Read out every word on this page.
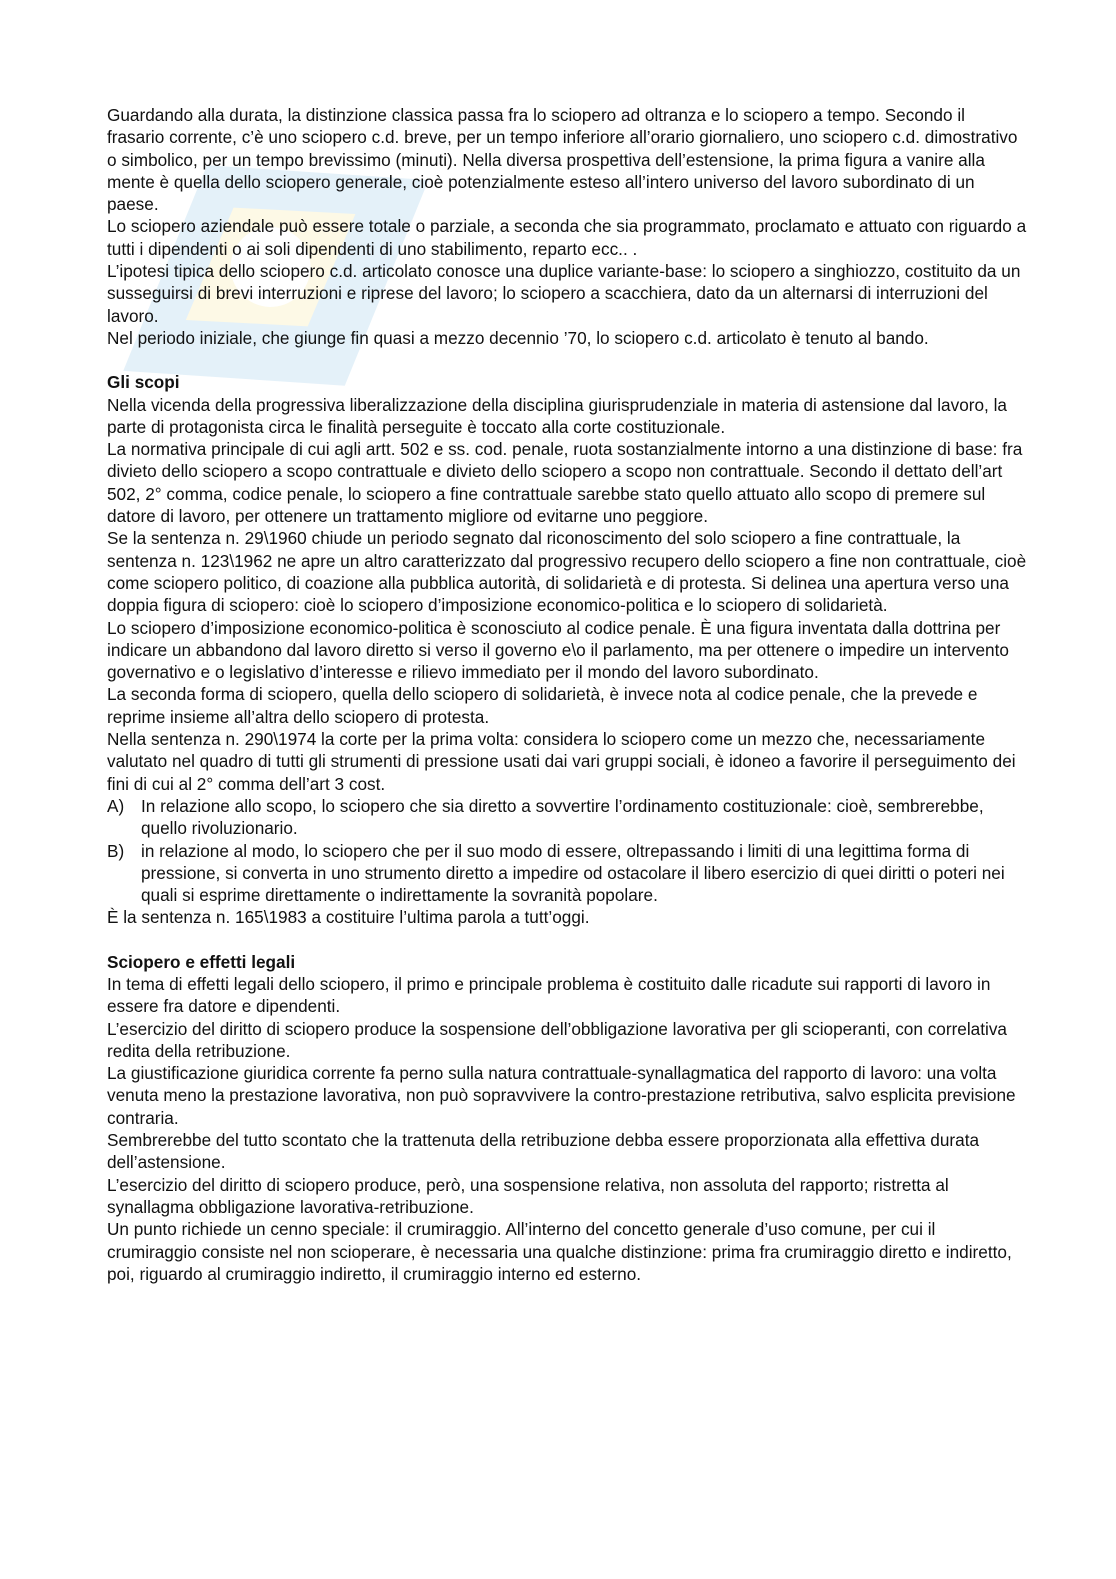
Guardando alla durata, la distinzione classica passa fra lo sciopero ad oltranza e lo sciopero a tempo. Secondo il frasario corrente, c’è uno sciopero c.d. breve, per un tempo inferiore all’orario giornaliero, uno sciopero c.d. dimostrativo o simbolico, per un tempo brevissimo (minuti). Nella diversa prospettiva dell’estensione, la prima figura a vanire alla mente è quella dello sciopero generale, cioè potenzialmente esteso all’intero universo del lavoro subordinato di un paese.

Lo sciopero aziendale può essere totale o parziale, a seconda che sia programmato, proclamato e attuato con riguardo a tutti i dipendenti o ai soli dipendenti di uno stabilimento, reparto ecc.. .

L’ipotesi tipica dello sciopero c.d. articolato conosce una duplice variante-base: lo sciopero a singhiozzo, costituito da un susseguirsi di brevi interruzioni e riprese del lavoro; lo sciopero a scacchiera, dato da un alternarsi di interruzioni del lavoro.

Nel periodo iniziale, che giunge fin quasi a mezzo decennio ’70, lo sciopero c.d. articolato è tenuto al bando.

Gli scopi

Nella vicenda della progressiva liberalizzazione della disciplina giurisprudenziale in materia di astensione dal lavoro, la parte di protagonista circa le finalità perseguite è toccato alla corte costituzionale.

La normativa principale di cui agli artt. 502 e ss. cod. penale, ruota sostanzialmente intorno a una distinzione di base: fra divieto dello sciopero a scopo contrattuale e divieto dello sciopero a scopo non contrattuale. Secondo il dettato dell’art 502, 2° comma, codice penale, lo sciopero a fine contrattuale sarebbe stato quello attuato allo scopo di premere sul datore di lavoro, per ottenere un trattamento migliore od evitarne uno peggiore.

Se la sentenza n. 29\1960 chiude un periodo segnato dal riconoscimento del solo sciopero a fine contrattuale, la sentenza n. 123\1962 ne apre un altro caratterizzato dal progressivo recupero dello sciopero a fine non contrattuale, cioè come sciopero politico, di coazione alla pubblica autorità, di solidarietà e di protesta. Si delinea una apertura verso una doppia figura di sciopero: cioè lo sciopero d’imposizione economico-politica e lo sciopero di solidarietà.

Lo sciopero d’imposizione economico-politica è sconosciuto al codice penale. È una figura inventata dalla dottrina per indicare un abbandono dal lavoro diretto si verso il governo e\o il parlamento, ma per ottenere o impedire un intervento governativo e o legislativo d’interesse e rilievo immediato per il mondo del lavoro subordinato.

La seconda forma di sciopero, quella dello sciopero di solidarietà, è invece nota al codice penale, che la prevede e reprime insieme all’altra dello sciopero di protesta.

Nella sentenza n. 290\1974 la corte per la prima volta: considera lo sciopero come un mezzo che, necessariamente valutato nel quadro di tutti gli strumenti di pressione usati dai vari gruppi sociali, è idoneo a favorire il perseguimento dei fini di cui al 2° comma dell’art 3 cost.

A) In relazione allo scopo, lo sciopero che sia diretto a sovvertire l’ordinamento costituzionale: cioè, sembrerebbe, quello rivoluzionario.
B) in relazione al modo, lo sciopero che per il suo modo di essere, oltrepassando i limiti di una legittima forma di pressione, si converta in uno strumento diretto a impedire od ostacolare il libero esercizio di quei diritti o poteri nei quali si esprime direttamente o indirettamente la sovranità popolare.

È la sentenza n. 165\1983 a costituire l’ultima parola a tutt’oggi.

Sciopero e effetti legali

In tema di effetti legali dello sciopero, il primo e principale problema è costituito dalle ricadute sui rapporti di lavoro in essere fra datore e dipendenti.

L’esercizio del diritto di sciopero produce la sospensione dell’obbligazione lavorativa per gli scioperanti, con correlativa redita della retribuzione.

La giustificazione giuridica corrente fa perno sulla natura contrattuale-synallagmatica del rapporto di lavoro: una volta venuta meno la prestazione lavorativa, non può sopravvivere la contro-prestazione retributiva, salvo esplicita previsione contraria.

Sembrerebbe del tutto scontato che la trattenuta della retribuzione debba essere proporzionata alla effettiva durata dell’astensione.

L’esercizio del diritto di sciopero produce, però, una sospensione relativa, non assoluta del rapporto; ristretta al synallagma obbligazione lavorativa-retribuzione.

Un punto richiede un cenno speciale: il crumiraggio. All’interno del concetto generale d’uso comune, per cui il crumiraggio consiste nel non scioperare, è necessaria una qualche distinzione: prima fra crumiraggio diretto e indiretto, poi, riguardo al crumiraggio indiretto, il crumiraggio interno ed esterno.
